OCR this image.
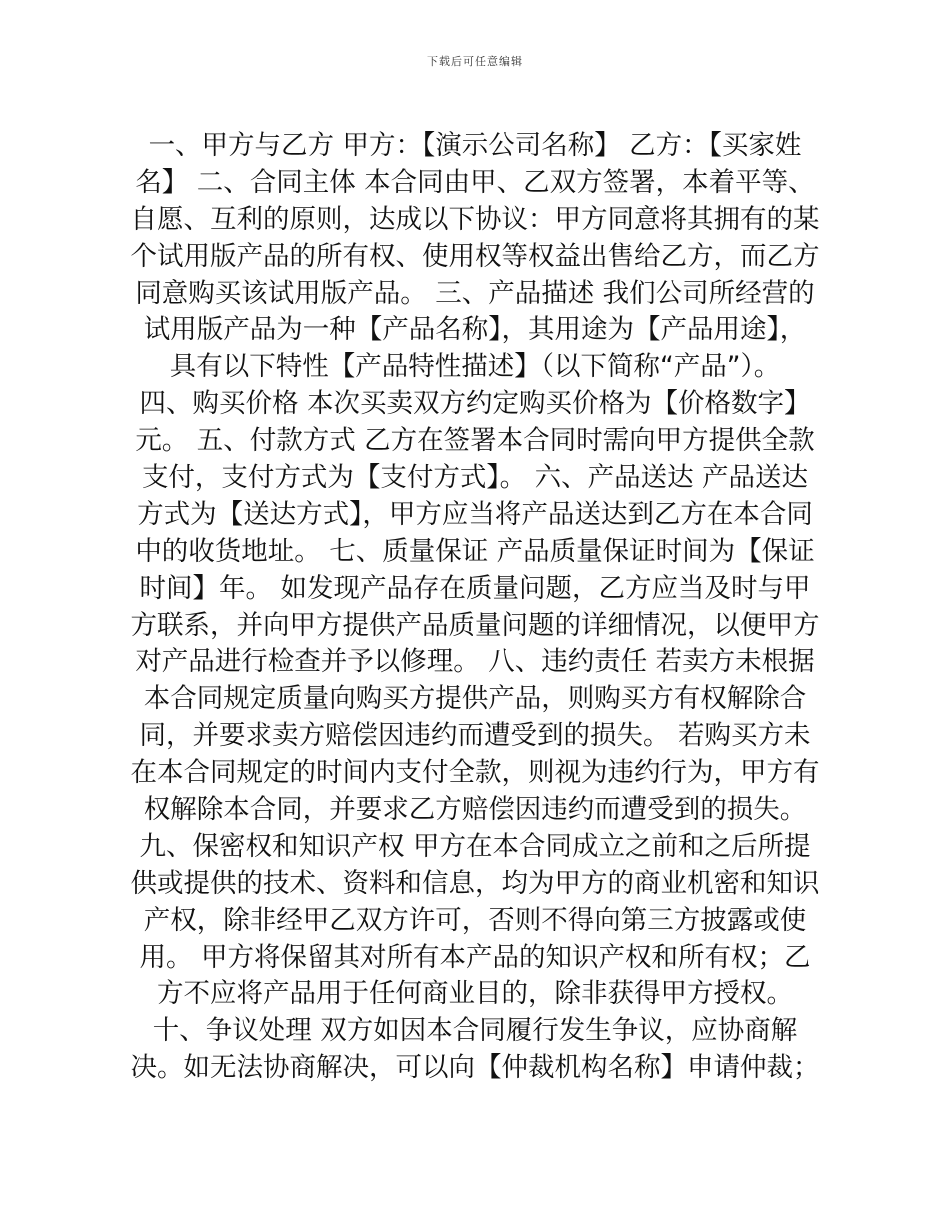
下载后可任意编辑
一、甲方与乙方 甲方：【演示公司名称】 乙方：【买家姓
名】 二、合同主体 本合同由甲、乙双方签署，本着平等、
自愿、互利的原则，达成以下协议：甲方同意将其拥有的某
个试用版产品的所有权、使用权等权益出售给乙方，而乙方
同意购买该试用版产品。 三、产品描述 我们公司所经营的
试用版产品为一种【产品名称】，其用途为【产品用途】，
具有以下特性【产品特性描述】（以下简称“产品”）。
四、购买价格 本次买卖双方约定购买价格为【价格数字】
元。 五、付款方式 乙方在签署本合同时需向甲方提供全款
支付，支付方式为【支付方式】。 六、产品送达 产品送达
方式为【送达方式】，甲方应当将产品送达到乙方在本合同
中的收货地址。 七、质量保证 产品质量保证时间为【保证
时间】年。 如发现产品存在质量问题，乙方应当及时与甲
方联系，并向甲方提供产品质量问题的详细情况，以便甲方
对产品进行检查并予以修理。 八、违约责任 若卖方未根据
本合同规定质量向购买方提供产品，则购买方有权解除合
同，并要求卖方赔偿因违约而遭受到的损失。 若购买方未
在本合同规定的时间内支付全款，则视为违约行为，甲方有
权解除本合同，并要求乙方赔偿因违约而遭受到的损失。
九、保密权和知识产权 甲方在本合同成立之前和之后所提
供或提供的技术、资料和信息，均为甲方的商业机密和知识
产权，除非经甲乙双方许可，否则不得向第三方披露或使
用。 甲方将保留其对所有本产品的知识产权和所有权；乙
方不应将产品用于任何商业目的，除非获得甲方授权。
十、争议处理 双方如因本合同履行发生争议，应协商解
决。如无法协商解决，可以向【仲裁机构名称】申请仲裁；
